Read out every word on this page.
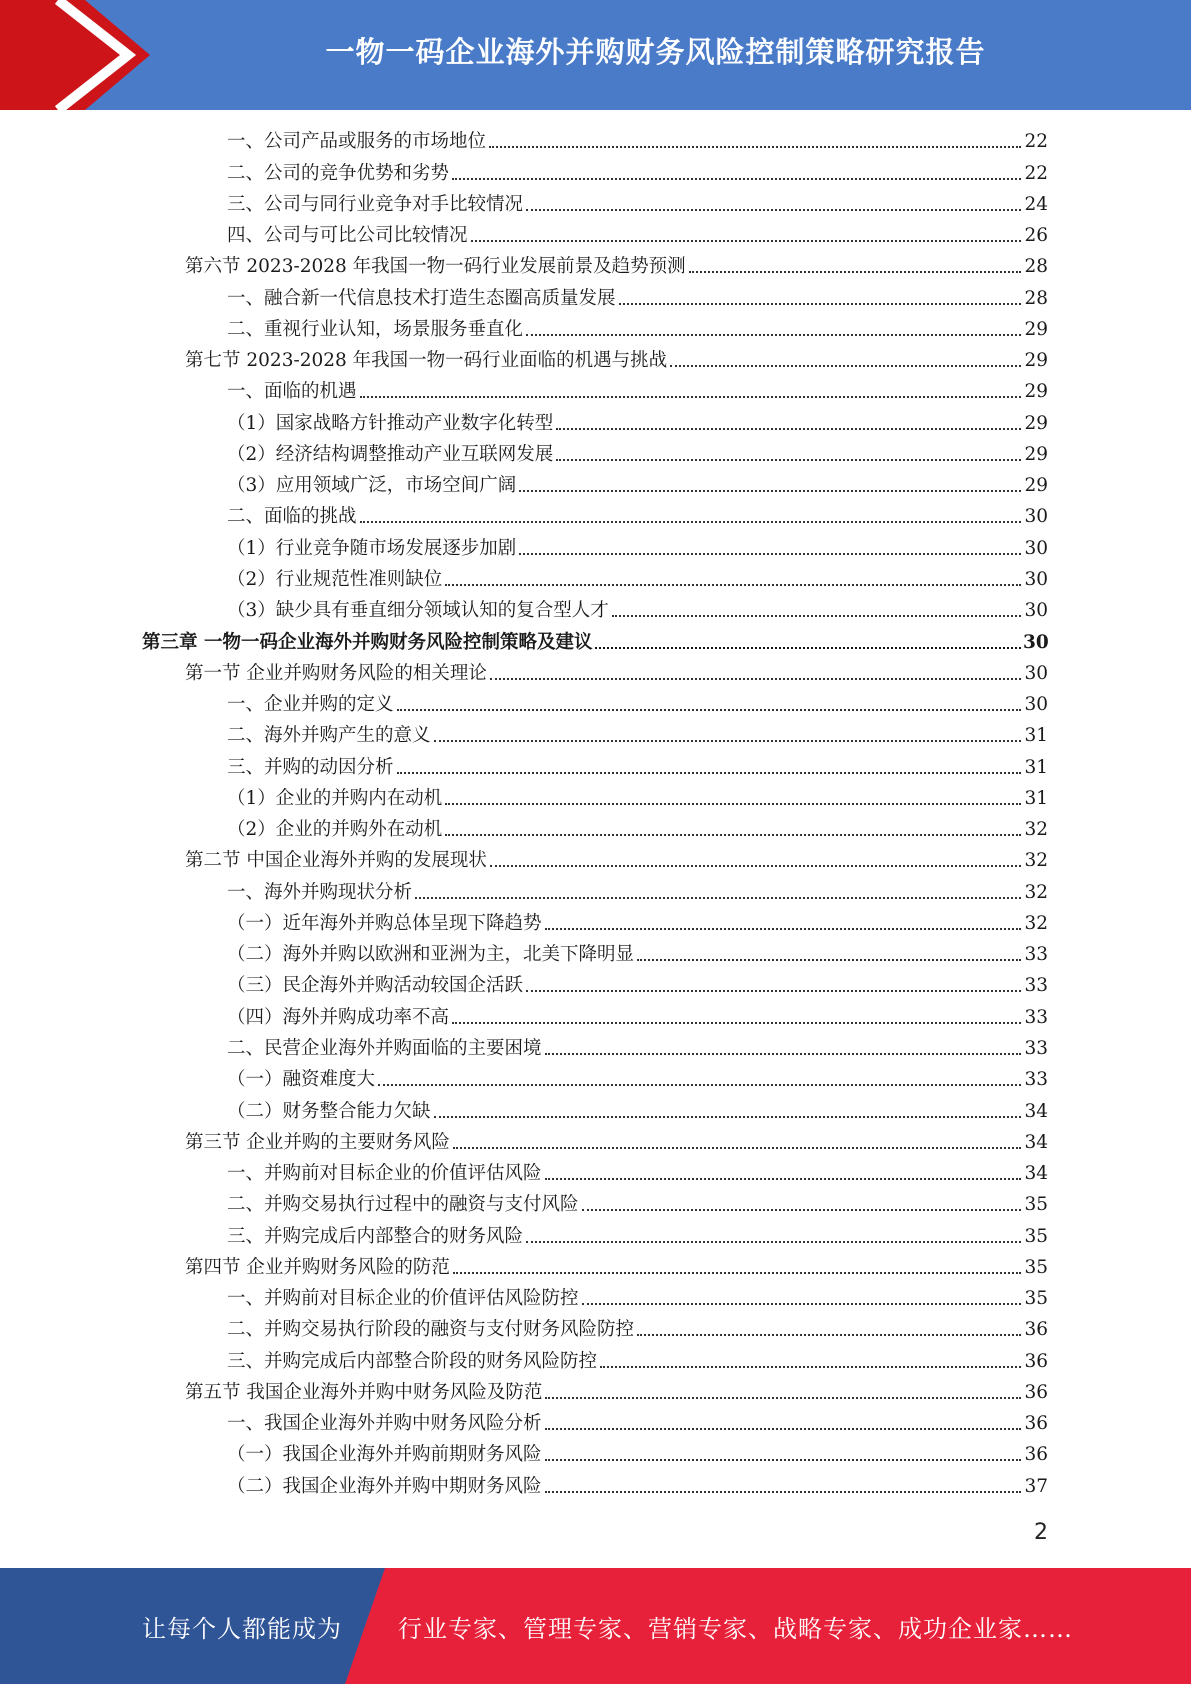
一物一码企业海外并购财务风险控制策略研究报告
一、公司产品或服务的市场地位	22
二、公司的竞争优势和劣势	22
三、公司与同行业竞争对手比较情况	24
四、公司与可比公司比较情况	26
第六节 2023-2028 年我国一物一码行业发展前景及趋势预测	28
一、融合新一代信息技术打造生态圈高质量发展	28
二、重视行业认知，场景服务垂直化	29
第七节 2023-2028 年我国一物一码行业面临的机遇与挑战	29
一、面临的机遇	29
（1）国家战略方针推动产业数字化转型	29
（2）经济结构调整推动产业互联网发展	29
（3）应用领域广泛，市场空间广阔	29
二、面临的挑战	30
（1）行业竞争随市场发展逐步加剧	30
（2）行业规范性准则缺位	30
（3）缺少具有垂直细分领域认知的复合型人才	30
第三章 一物一码企业海外并购财务风险控制策略及建议	30
第一节 企业并购财务风险的相关理论	30
一、企业并购的定义	30
二、海外并购产生的意义	31
三、并购的动因分析	31
（1）企业的并购内在动机	31
（2）企业的并购外在动机	32
第二节 中国企业海外并购的发展现状	32
一、海外并购现状分析	32
（一）近年海外并购总体呈现下降趋势	32
（二）海外并购以欧洲和亚洲为主，北美下降明显	33
（三）民企海外并购活动较国企活跃	33
（四）海外并购成功率不高	33
二、民营企业海外并购面临的主要困境	33
（一）融资难度大	33
（二）财务整合能力欠缺	34
第三节 企业并购的主要财务风险	34
一、并购前对目标企业的价值评估风险	34
二、并购交易执行过程中的融资与支付风险	35
三、并购完成后内部整合的财务风险	35
第四节 企业并购财务风险的防范	35
一、并购前对目标企业的价值评估风险防控	35
二、并购交易执行阶段的融资与支付财务风险防控	36
三、并购完成后内部整合阶段的财务风险防控	36
第五节 我国企业海外并购中财务风险及防范	36
一、我国企业海外并购中财务风险分析	36
（一）我国企业海外并购前期财务风险	36
（二）我国企业海外并购中期财务风险	37
2
让每个人都能成为 行业专家、管理专家、营销专家、战略专家、成功企业家……
